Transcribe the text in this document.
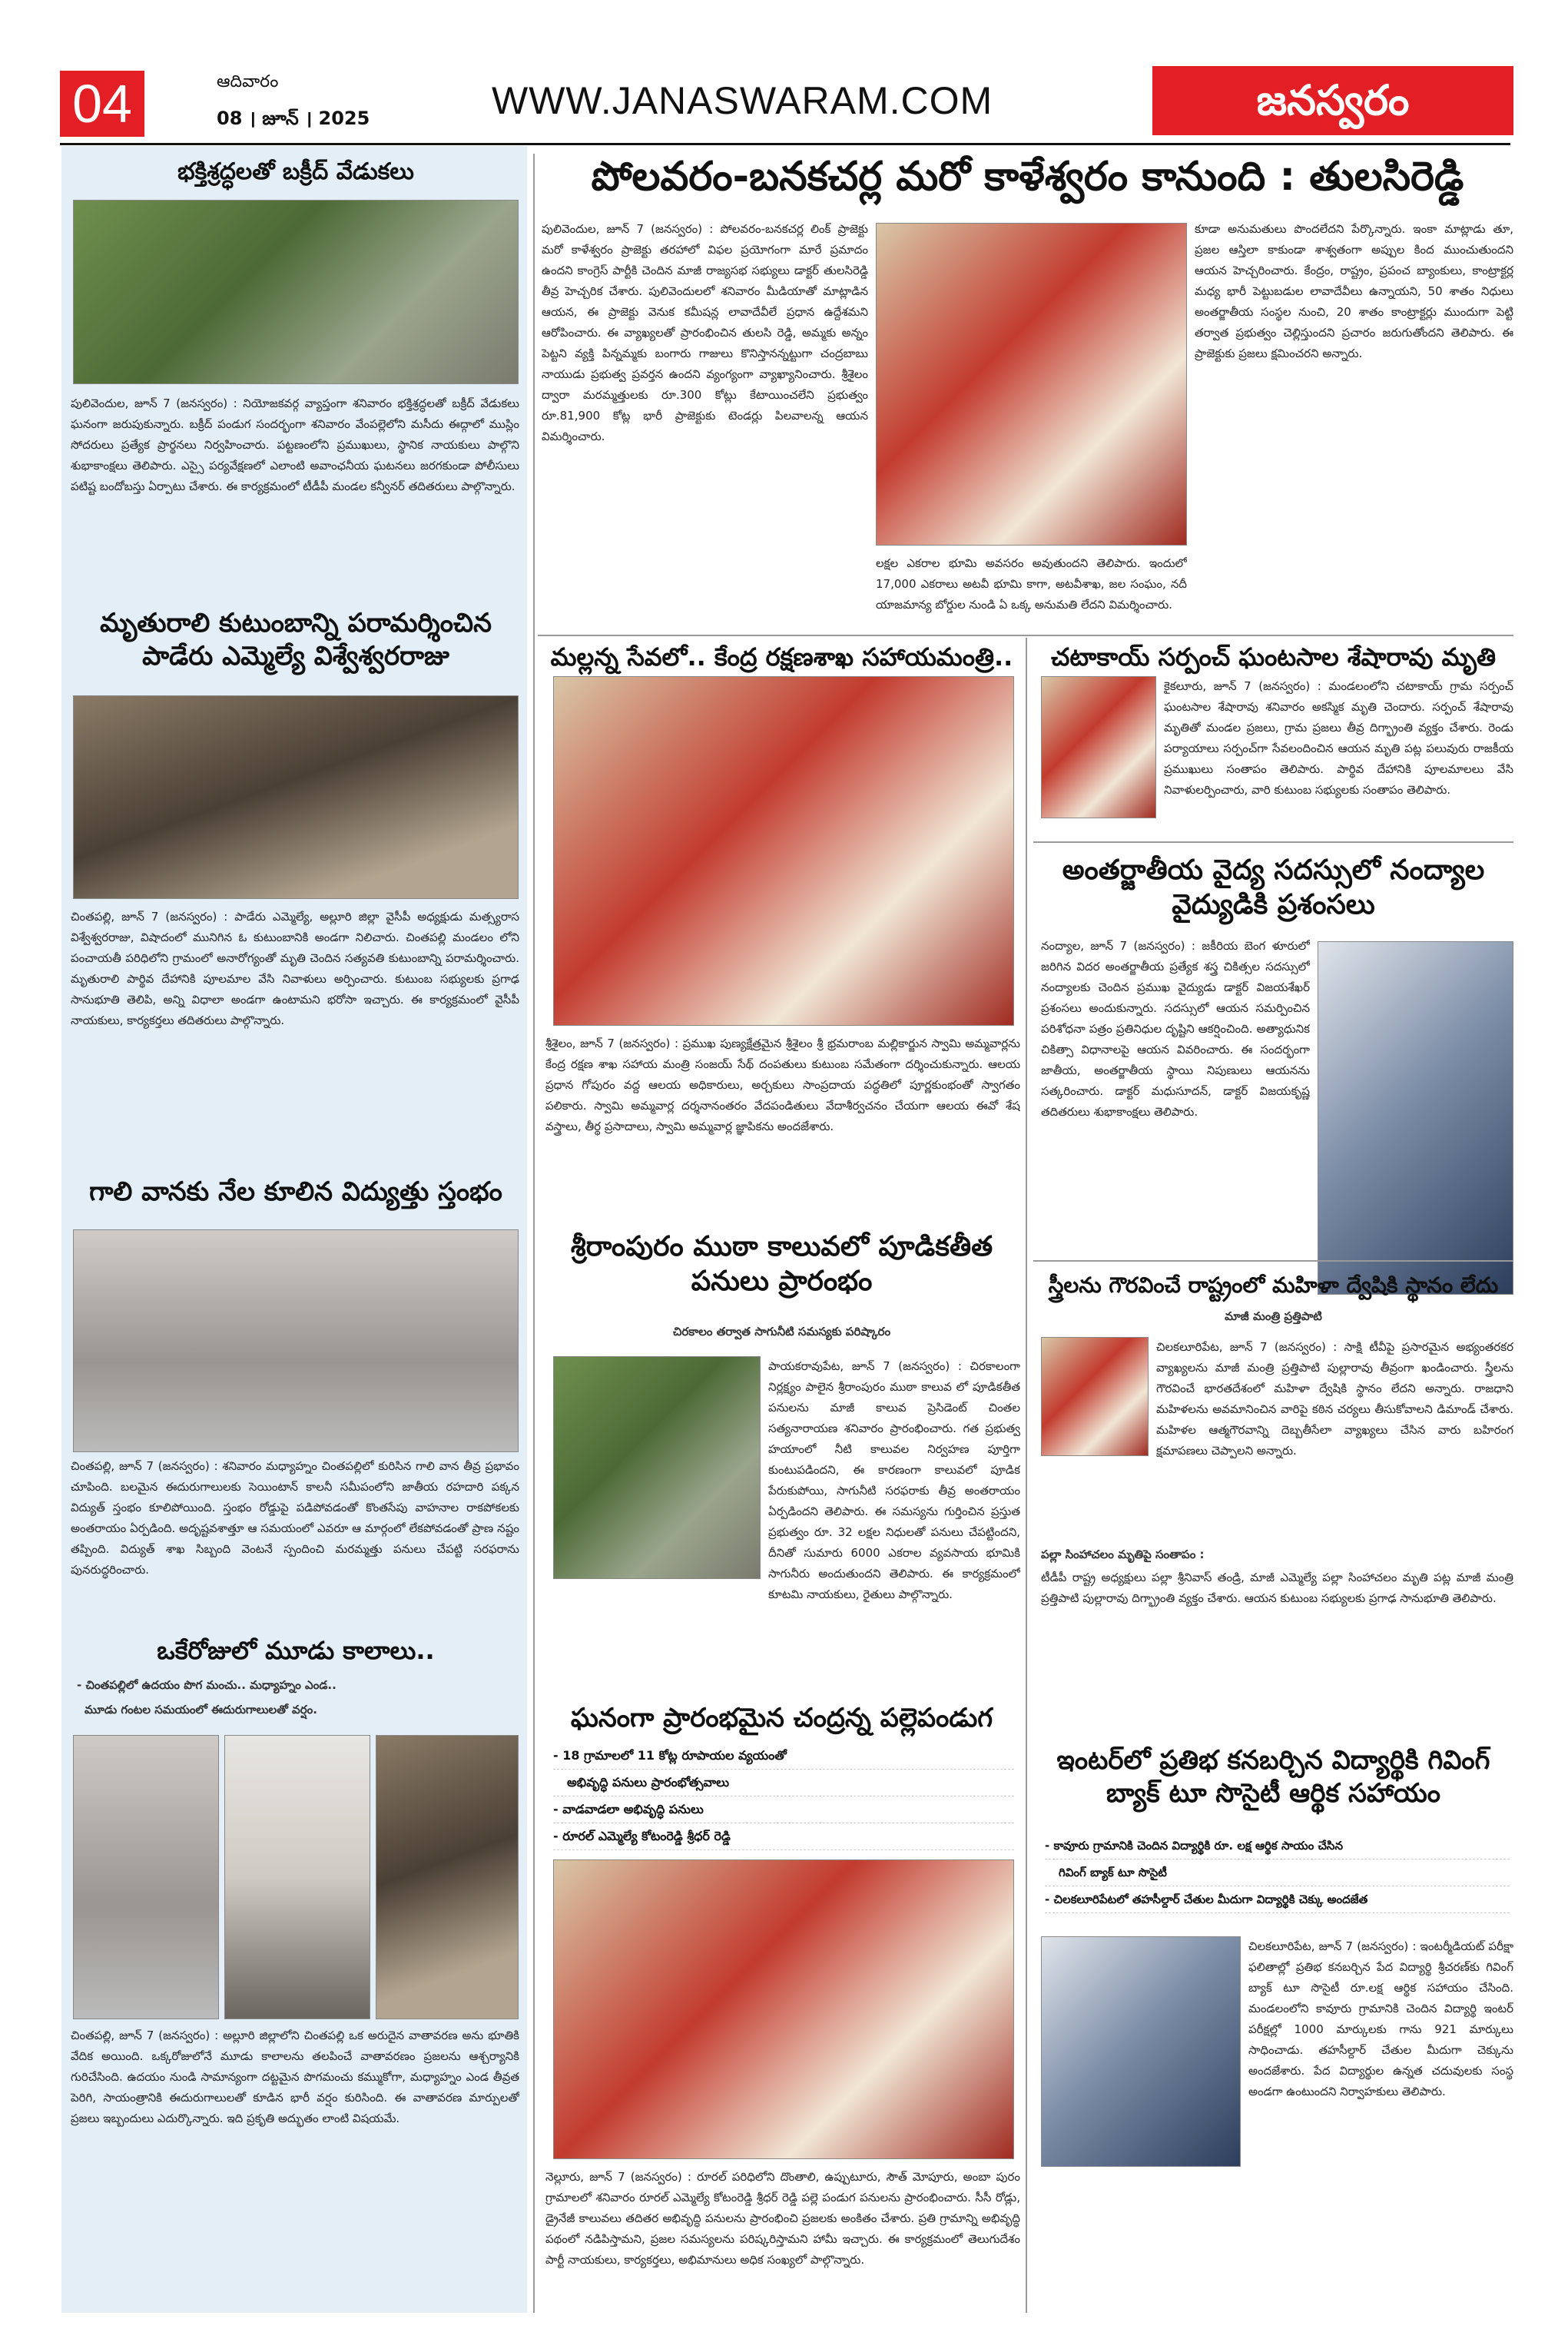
04	ఆదివారం
08 । జూన్ । 2025	WWW.JANASWARAM.COM	జనస్వరం
భక్తిశ్రద్ధలతో బక్రీద్ వేడుకలు
పులివెందుల, జూన్ 7 (జనస్వరం) : నియోజకవర్గ వ్యాప్తంగా శనివారం భక్తిశ్రద్ధలతో బక్రీద్ వేడుకలు ఘనంగా జరుపుకున్నారు. బక్రీద్ పండుగ సందర్భంగా శనివారం వేంపల్లెలోని మసీదు ఈద్గాలో ముస్లిం సోదరులు ప్రత్యేక ప్రార్థనలు నిర్వహించారు. పట్టణంలోని ప్రముఖులు, స్థానిక నాయకులు పాల్గొని శుభాకాంక్షలు తెలిపారు. ఎస్సై పర్యవేక్షణలో ఎలాంటి అవాంఛనీయ ఘటనలు జరగకుండా పోలీసులు పటిష్ట బందోబస్తు ఏర్పాటు చేశారు. ఈ కార్యక్రమంలో టీడీపీ మండల కన్వీనర్ తదితరులు పాల్గొన్నారు.
మృతురాలి కుటుంబాన్ని పరామర్శించిన పాడేరు ఎమ్మెల్యే విశ్వేశ్వరరాజు
చింతపల్లి, జూన్ 7 (జనస్వరం) : పాడేరు ఎమ్మెల్యే, అల్లూరి జిల్లా వైసీపీ అధ్యక్షుడు మత్స్యరాస విశ్వేశ్వరరాజు, విషాదంలో మునిగిన ఓ కుటుంబానికి అండగా నిలిచారు. చింతపల్లి మండలం లోని పంచాయతీ పరిధిలోని గ్రామంలో అనారోగ్యంతో మృతి చెందిన సత్యవతి కుటుంబాన్ని పరామర్శించారు. మృతురాలి పార్థివ దేహానికి పూలమాల వేసి నివాళులు అర్పించారు. కుటుంబ సభ్యులకు ప్రగాఢ సానుభూతి తెలిపి, అన్ని విధాలా అండగా ఉంటామని భరోసా ఇచ్చారు. ఈ కార్యక్రమంలో వైసీపీ నాయకులు, కార్యకర్తలు తదితరులు పాల్గొన్నారు.
గాలి వానకు నేల కూలిన విద్యుత్తు స్తంభం
చింతపల్లి, జూన్ 7 (జనస్వరం) : శనివారం మధ్యాహ్నం చింతపల్లిలో కురిసిన గాలి వాన తీవ్ర ప్రభావం చూపింది. బలమైన ఈదురుగాలులకు సెయింటాన్ కాలనీ సమీపంలోని జాతీయ రహదారి పక్కన విద్యుత్ స్తంభం కూలిపోయింది. స్తంభం రోడ్డుపై పడిపోవడంతో కొంతసేపు వాహనాల రాకపోకలకు అంతరాయం ఏర్పడింది. అదృష్టవశాత్తూ ఆ సమయంలో ఎవరూ ఆ మార్గంలో లేకపోవడంతో ప్రాణ నష్టం తప్పింది. విద్యుత్ శాఖ సిబ్బంది వెంటనే స్పందించి మరమ్మత్తు పనులు చేపట్టి సరఫరాను పునరుద్ధరించారు.
ఒకేరోజులో మూడు కాలాలు..
- చింతపల్లిలో ఉదయం పొగ మంచు.. మధ్యాహ్నం ఎండ..
మూడు గంటల సమయంలో ఈదురుగాలులతో వర్షం.
చింతపల్లి, జూన్ 7 (జనస్వరం) : అల్లూరి జిల్లాలోని చింతపల్లి ఒక అరుదైన వాతావరణ అను భూతికి వేదిక అయింది. ఒక్కరోజులోనే మూడు కాలాలను తలపించే వాతావరణం ప్రజలను ఆశ్చర్యానికి గురిచేసింది. ఉదయం నుండి సామాన్యంగా దట్టమైన పొగమంచు కమ్ముకోగా, మధ్యాహ్నం ఎండ తీవ్రత పెరిగి, సాయంత్రానికి ఈదురుగాలులతో కూడిన భారీ వర్షం కురిసింది. ఈ వాతావరణ మార్పులతో ప్రజలు ఇబ్బందులు ఎదుర్కొన్నారు. ఇది ప్రకృతి అద్భుతం లాంటి విషయమే.
పోలవరం-బనకచర్ల మరో కాళేశ్వరం కానుంది : తులసిరెడ్డి
పులివెందుల, జూన్ 7 (జనస్వరం) : పోలవరం-బనకచర్ల లింక్ ప్రాజెక్టు మరో కాళేశ్వరం ప్రాజెక్టు తరహాలో విఫల ప్రయోగంగా మారే ప్రమాదం ఉందని కాంగ్రెస్ పార్టీకి చెందిన మాజీ రాజ్యసభ సభ్యులు డాక్టర్ తులసిరెడ్డి తీవ్ర హెచ్చరిక చేశారు. పులివెందులలో శనివారం మీడియాతో మాట్లాడిన ఆయన, ఈ ప్రాజెక్టు వెనుక కమీషన్ల లావాదేవీలే ప్రధాన ఉద్దేశమని ఆరోపించారు. ఈ వ్యాఖ్యలతో ప్రారంభించిన తులసి రెడ్డి, అమ్మకు అన్నం పెట్టని వ్యక్తి పిన్నమ్మకు బంగారు గాజులు కొనిస్తానన్నట్టుగా చంద్రబాబు నాయుడు ప్రభుత్వ ప్రవర్తన ఉందని వ్యంగ్యంగా వ్యాఖ్యానించారు. శ్రీశైలం ద్వారా మరమ్మత్తులకు రూ.300 కోట్లు కేటాయించలేని ప్రభుత్వం రూ.81,900 కోట్ల భారీ ప్రాజెక్టుకు టెండర్లు పిలవాలన్న ఆయన విమర్శించారు.
లక్షల ఎకరాల భూమి అవసరం అవుతుందని తెలిపారు. ఇందులో 17,000 ఎకరాలు అటవీ భూమి కాగా, అటవీశాఖ, జల సంఘం, నదీ యాజమాన్య బోర్డుల నుండి ఏ ఒక్క అనుమతి లేదని విమర్శించారు.
కూడా అనుమతులు పొందలేదని పేర్కొన్నారు. ఇంకా మాట్లాడు తూ, ప్రజల ఆస్తిలా కాకుండా శాశ్వతంగా అప్పుల కింద ముంచుతుందని ఆయన హెచ్చరించారు. కేంద్రం, రాష్ట్రం, ప్రపంచ బ్యాంకులు, కాంట్రాక్టర్ల మధ్య భారీ పెట్టుబడుల లావాదేవీలు ఉన్నాయని, 50 శాతం నిధులు అంతర్జాతీయ సంస్థల నుంచి, 20 శాతం కాంట్రాక్టర్లు ముందుగా పెట్టి తర్వాత ప్రభుత్వం చెల్లిస్తుందని ప్రచారం జరుగుతోందని తెలిపారు. ఈ ప్రాజెక్టుకు ప్రజలు క్షమించరని అన్నారు.
మల్లన్న సేవలో.. కేంద్ర రక్షణశాఖ సహాయమంత్రి..
శ్రీశైలం, జూన్ 7 (జనస్వరం) : ప్రముఖ పుణ్యక్షేత్రమైన శ్రీశైలం శ్రీ భ్రమరాంబ మల్లికార్జున స్వామి అమ్మవార్లను కేంద్ర రక్షణ శాఖ సహాయ మంత్రి సంజయ్ సేథ్ దంపతులు కుటుంబ సమేతంగా దర్శించుకున్నారు. ఆలయ ప్రధాన గోపురం వద్ద ఆలయ అధికారులు, అర్చకులు సాంప్రదాయ పద్ధతిలో పూర్ణకుంభంతో స్వాగతం పలికారు. స్వామి అమ్మవార్ల దర్శనానంతరం వేదపండితులు వేదాశీర్వచనం చేయగా ఆలయ ఈవో శేష వస్త్రాలు, తీర్థ ప్రసాదాలు, స్వామి అమ్మవార్ల జ్ఞాపికను అందజేశారు.
శ్రీరాంపురం ముఠా కాలువలో పూడికతీత పనులు ప్రారంభం
చిరకాలం తర్వాత సాగునీటి సమస్యకు పరిష్కారం
పాయకరావుపేట, జూన్ 7 (జనస్వరం) : చిరకాలంగా నిర్లక్ష్యం పాలైన శ్రీరాంపురం ముఠా కాలువ లో పూడికతీత పనులను మాజీ కాలువ ప్రెసిడెంట్ చింతల సత్యనారాయణ శనివారం ప్రారంభించారు. గత ప్రభుత్వ హయాంలో నీటి కాలువల నిర్వహణ పూర్తిగా కుంటుపడిందని, ఈ కారణంగా కాలువలో పూడిక పేరుకుపోయి, సాగునీటి సరఫరాకు తీవ్ర అంతరాయం ఏర్పడిందని తెలిపారు. ఈ సమస్యను గుర్తించిన ప్రస్తుత ప్రభుత్వం రూ. 32 లక్షల నిధులతో పనులు చేపట్టిందని, దీనితో సుమారు 6000 ఎకరాల వ్యవసాయ భూమికి సాగునీరు అందుతుందని తెలిపారు. ఈ కార్యక్రమంలో కూటమి నాయకులు, రైతులు పాల్గొన్నారు.
ఘనంగా ప్రారంభమైన చంద్రన్న పల్లెపండుగ
- 18 గ్రామాలలో 11 కోట్ల రూపాయల వ్యయంతో
అభివృద్ధి పనులు ప్రారంభోత్సవాలు
- వాడవాడలా అభివృద్ధి పనులు
- రూరల్ ఎమ్మెల్యే కోటంరెడ్డి శ్రీధర్ రెడ్డి
నెల్లూరు, జూన్ 7 (జనస్వరం) : రూరల్ పరిధిలోని దొంతాలి, ఉప్పుటూరు, సౌత్ మోపూరు, అంబా పురం గ్రామాలలో శనివారం రూరల్ ఎమ్మెల్యే కోటంరెడ్డి శ్రీధర్ రెడ్డి పల్లె పండుగ పనులను ప్రారంభించారు. సీసీ రోడ్లు, డ్రైనేజీ కాలువలు తదితర అభివృద్ధి పనులను ప్రారంభించి ప్రజలకు అంకితం చేశారు. ప్రతి గ్రామాన్ని అభివృద్ధి పథంలో నడిపిస్తామని, ప్రజల సమస్యలను పరిష్కరిస్తామని హామీ ఇచ్చారు. ఈ కార్యక్రమంలో తెలుగుదేశం పార్టీ నాయకులు, కార్యకర్తలు, అభిమానులు అధిక సంఖ్యలో పాల్గొన్నారు.
చటాకాయ్ సర్పంచ్ ఘంటసాల శేషారావు మృతి
కైకలూరు, జూన్ 7 (జనస్వరం) : మండలంలోని చటాకాయ్ గ్రామ సర్పంచ్ ఘంటసాల శేషారావు శనివారం అకస్మిక మృతి చెందారు. సర్పంచ్ శేషారావు మృతితో మండల ప్రజలు, గ్రామ ప్రజలు తీవ్ర దిగ్భ్రాంతి వ్యక్తం చేశారు. రెండు పర్యాయాలు సర్పంచ్‌గా సేవలందించిన ఆయన మృతి పట్ల పలువురు రాజకీయ ప్రముఖులు సంతాపం తెలిపారు. పార్థివ దేహానికి పూలమాలలు వేసి నివాళులర్పించారు, వారి కుటుంబ సభ్యులకు సంతాపం తెలిపారు.
అంతర్జాతీయ వైద్య సదస్సులో నంద్యాల వైద్యుడికి ప్రశంసలు
నంద్యాల, జూన్ 7 (జనస్వరం) : జకీరియ బెంగ ళూరులో జరిగిన విదర అంతర్జాతీయ ప్రత్యేక శస్త్ర చికిత్సల సదస్సులో నంద్యాలకు చెందిన ప్రముఖ వైద్యుడు డాక్టర్ విజయశేఖర్ ప్రశంసలు అందుకున్నారు. సదస్సులో ఆయన సమర్పించిన పరిశోధనా పత్రం ప్రతినిధుల దృష్టిని ఆకర్షించింది. అత్యాధునిక చికిత్సా విధానాలపై ఆయన వివరించారు. ఈ సందర్భంగా జాతీయ, అంతర్జాతీయ స్థాయి నిపుణులు ఆయనను సత్కరించారు. డాక్టర్ మధుసూదన్, డాక్టర్ విజయకృష్ణ తదితరులు శుభాకాంక్షలు తెలిపారు.
స్త్రీలను గౌరవించే రాష్ట్రంలో మహిళా ద్వేషికి స్థానం లేదు
మాజీ మంత్రి ప్రత్తిపాటి
చిలకలూరిపేట, జూన్ 7 (జనస్వరం) : సాక్షి టీవీపై ప్రసారమైన అభ్యంతరకర వ్యాఖ్యలను మాజీ మంత్రి ప్రత్తిపాటి పుల్లారావు తీవ్రంగా ఖండించారు. స్త్రీలను గౌరవించే భారతదేశంలో మహిళా ద్వేషికి స్థానం లేదని అన్నారు. రాజధాని మహిళలను అవమానించిన వారిపై కఠిన చర్యలు తీసుకోవాలని డిమాండ్ చేశారు. మహిళల ఆత్మగౌరవాన్ని దెబ్బతీసేలా వ్యాఖ్యలు చేసిన వారు బహిరంగ క్షమాపణలు చెప్పాలని అన్నారు.
పల్లా సింహాచలం మృతిపై సంతాపం :
టీడీపీ రాష్ట్ర అధ్యక్షులు పల్లా శ్రీనివాస్ తండ్రి, మాజీ ఎమ్మెల్యే పల్లా సింహాచలం మృతి పట్ల మాజీ మంత్రి ప్రత్తిపాటి పుల్లారావు దిగ్భ్రాంతి వ్యక్తం చేశారు. ఆయన కుటుంబ సభ్యులకు ప్రగాఢ సానుభూతి తెలిపారు.
ఇంటర్‌లో ప్రతిభ కనబర్చిన విద్యార్థికి గివింగ్ బ్యాక్ టూ సొసైటీ ఆర్థిక సహాయం
- కావూరు గ్రామానికి చెందిన విద్యార్థికి రూ. లక్ష ఆర్థిక సాయం చేసిన
గివింగ్ బ్యాక్ టూ సొసైటీ
- చిలకలూరిపేటలో తహసీల్దార్ చేతుల మీదుగా విద్యార్థికి చెక్కు అందజేత
చిలకలూరిపేట, జూన్ 7 (జనస్వరం) : ఇంటర్మీడియట్ పరీక్షా ఫలితాల్లో ప్రతిభ కనబర్చిన పేద విద్యార్థి శ్రీచరణ్‌కు గివింగ్ బ్యాక్ టూ సొసైటీ రూ.లక్ష ఆర్థిక సహాయం చేసింది. మండలంలోని కావూరు గ్రామానికి చెందిన విద్యార్థి ఇంటర్ పరీక్షల్లో 1000 మార్కులకు గాను 921 మార్కులు సాధించాడు. తహసీల్దార్ చేతుల మీదుగా చెక్కును అందజేశారు. పేద విద్యార్థుల ఉన్నత చదువులకు సంస్థ అండగా ఉంటుందని నిర్వాహకులు తెలిపారు.
